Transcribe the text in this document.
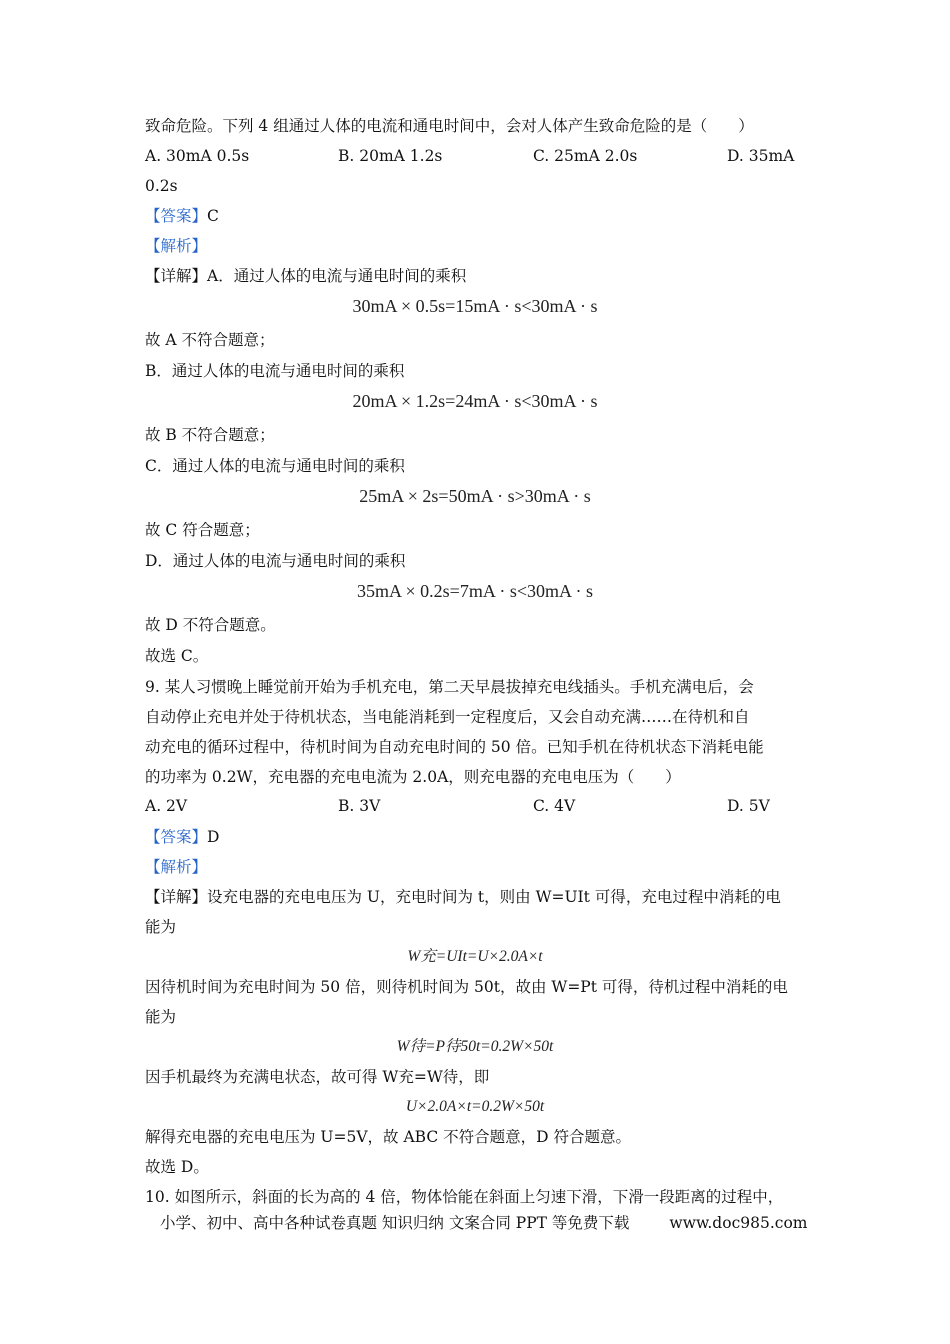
致命危险。下列 4 组通过人体的电流和通电时间中，会对人体产生致命危险的是（　　）
A. 30mA 0.5s	B. 20mA 1.2s	C. 25mA 2.0s	D. 35mA
0.2s
【答案】C
【解析】
【详解】A．通过人体的电流与通电时间的乘积
30mA × 0.5s=15mA · s<30mA · s
故 A 不符合题意；
B．通过人体的电流与通电时间的乘积
20mA × 1.2s=24mA · s<30mA · s
故 B 不符合题意；
C．通过人体的电流与通电时间的乘积
25mA × 2s=50mA · s>30mA · s
故 C 符合题意；
D．通过人体的电流与通电时间的乘积
35mA × 0.2s=7mA · s<30mA · s
故 D 不符合题意。
故选 C。
9. 某人习惯晚上睡觉前开始为手机充电，第二天早晨拔掉充电线插头。手机充满电后，会
自动停止充电并处于待机状态，当电能消耗到一定程度后，又会自动充满……在待机和自
动充电的循环过程中，待机时间为自动充电时间的 50 倍。已知手机在待机状态下消耗电能
的功率为 0.2W，充电器的充电电流为 2.0A，则充电器的充电电压为（　　）
A. 2V	B. 3V	C. 4V	D. 5V
【答案】D
【解析】
【详解】设充电器的充电电压为 U，充电时间为 t，则由 W=UIt 可得，充电过程中消耗的电
能为
W充=UIt=U×2.0A×t
因待机时间为充电时间为 50 倍，则待机时间为 50t，故由 W=Pt 可得，待机过程中消耗的电
能为
W待=P待50t=0.2W×50t
因手机最终为充满电状态，故可得 W充=W待，即
U×2.0A×t=0.2W×50t
解得充电器的充电电压为 U=5V，故 ABC 不符合题意，D 符合题意。
故选 D。
10. 如图所示，斜面的长为高的 4 倍，物体恰能在斜面上匀速下滑，下滑一段距离的过程中，
小学、初中、高中各种试卷真题 知识归纳 文案合同 PPT 等免费下载	www.doc985.com
